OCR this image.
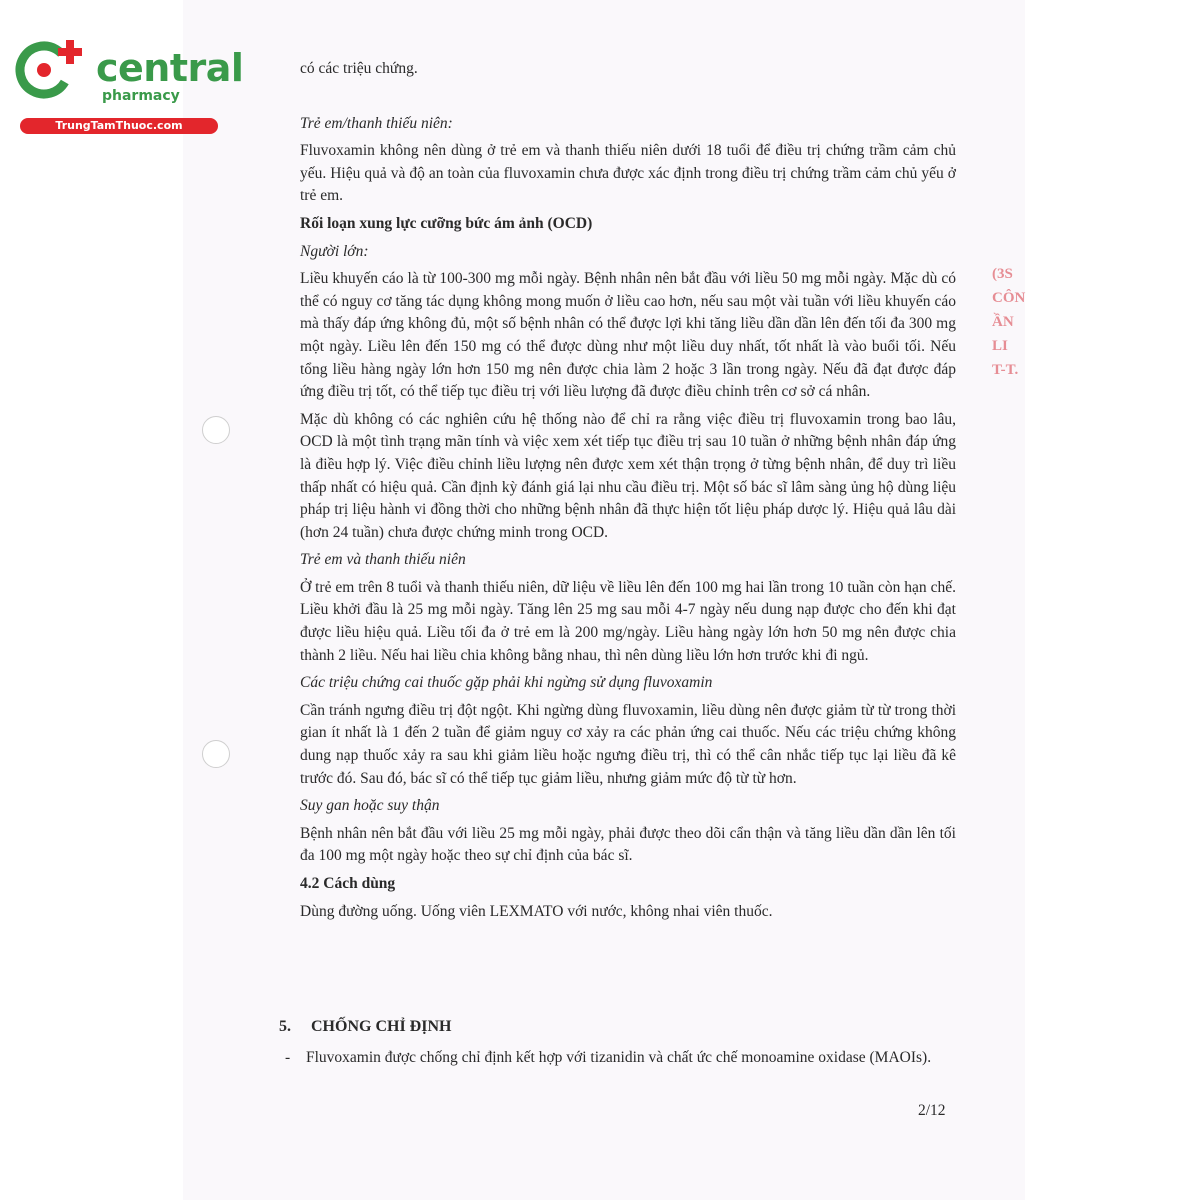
central
pharmacy
TrungTamThuoc.com
(3S
CÔN
ẦN
LI
T-T.

có các triệu chứng.

Trẻ em/thanh thiếu niên:

Fluvoxamin không nên dùng ở trẻ em và thanh thiếu niên dưới 18 tuổi để điều trị chứng trầm cảm chủ yếu. Hiệu quả và độ an toàn của fluvoxamin chưa được xác định trong điều trị chứng trầm cảm chủ yếu ở trẻ em.

Rối loạn xung lực cưỡng bức ám ảnh (OCD)
Người lớn:

Liều khuyến cáo là từ 100-300 mg mỗi ngày. Bệnh nhân nên bắt đầu với liều 50 mg mỗi ngày. Mặc dù có thể có nguy cơ tăng tác dụng không mong muốn ở liều cao hơn, nếu sau một vài tuần với liều khuyến cáo mà thấy đáp ứng không đủ, một số bệnh nhân có thể được lợi khi tăng liều dần dần lên đến tối đa 300 mg một ngày. Liều lên đến 150 mg có thể được dùng như một liều duy nhất, tốt nhất là vào buổi tối. Nếu tổng liều hàng ngày lớn hơn 150 mg nên được chia làm 2 hoặc 3 lần trong ngày. Nếu đã đạt được đáp ứng điều trị tốt, có thể tiếp tục điều trị với liều lượng đã được điều chỉnh trên cơ sở cá nhân.

Mặc dù không có các nghiên cứu hệ thống nào để chỉ ra rằng việc điều trị fluvoxamin trong bao lâu, OCD là một tình trạng mãn tính và việc xem xét tiếp tục điều trị sau 10 tuần ở những bệnh nhân đáp ứng là điều hợp lý. Việc điều chỉnh liều lượng nên được xem xét thận trọng ở từng bệnh nhân, để duy trì liều thấp nhất có hiệu quả. Cần định kỳ đánh giá lại nhu cầu điều trị. Một số bác sĩ lâm sàng ủng hộ dùng liệu pháp trị liệu hành vi đồng thời cho những bệnh nhân đã thực hiện tốt liệu pháp dược lý. Hiệu quả lâu dài (hơn 24 tuần) chưa được chứng minh trong OCD.

Trẻ em và thanh thiếu niên

Ở trẻ em trên 8 tuổi và thanh thiếu niên, dữ liệu về liều lên đến 100 mg hai lần trong 10 tuần còn hạn chế. Liều khởi đầu là 25 mg mỗi ngày. Tăng lên 25 mg sau mỗi 4-7 ngày nếu dung nạp được cho đến khi đạt được liều hiệu quả. Liều tối đa ở trẻ em là 200 mg/ngày. Liều hàng ngày lớn hơn 50 mg nên được chia thành 2 liều. Nếu hai liều chia không bằng nhau, thì nên dùng liều lớn hơn trước khi đi ngủ.

Các triệu chứng cai thuốc gặp phải khi ngừng sử dụng fluvoxamin

Cần tránh ngưng điều trị đột ngột. Khi ngừng dùng fluvoxamin, liều dùng nên được giảm từ từ trong thời gian ít nhất là 1 đến 2 tuần để giảm nguy cơ xảy ra các phản ứng cai thuốc. Nếu các triệu chứng không dung nạp thuốc xảy ra sau khi giảm liều hoặc ngưng điều trị, thì có thể cân nhắc tiếp tục lại liều đã kê trước đó. Sau đó, bác sĩ có thể tiếp tục giảm liều, nhưng giảm mức độ từ từ hơn.

Suy gan hoặc suy thận

Bệnh nhân nên bắt đầu với liều 25 mg mỗi ngày, phải được theo dõi cẩn thận và tăng liều dần dần lên tối đa 100 mg một ngày hoặc theo sự chỉ định của bác sĩ.

4.2 Cách dùng

Dùng đường uống. Uống viên LEXMATO với nước, không nhai viên thuốc.

5. CHỐNG CHỈ ĐỊNH
- Fluvoxamin được chống chỉ định kết hợp với tizanidin và chất ức chế monoamine oxidase (MAOIs).
2/12
